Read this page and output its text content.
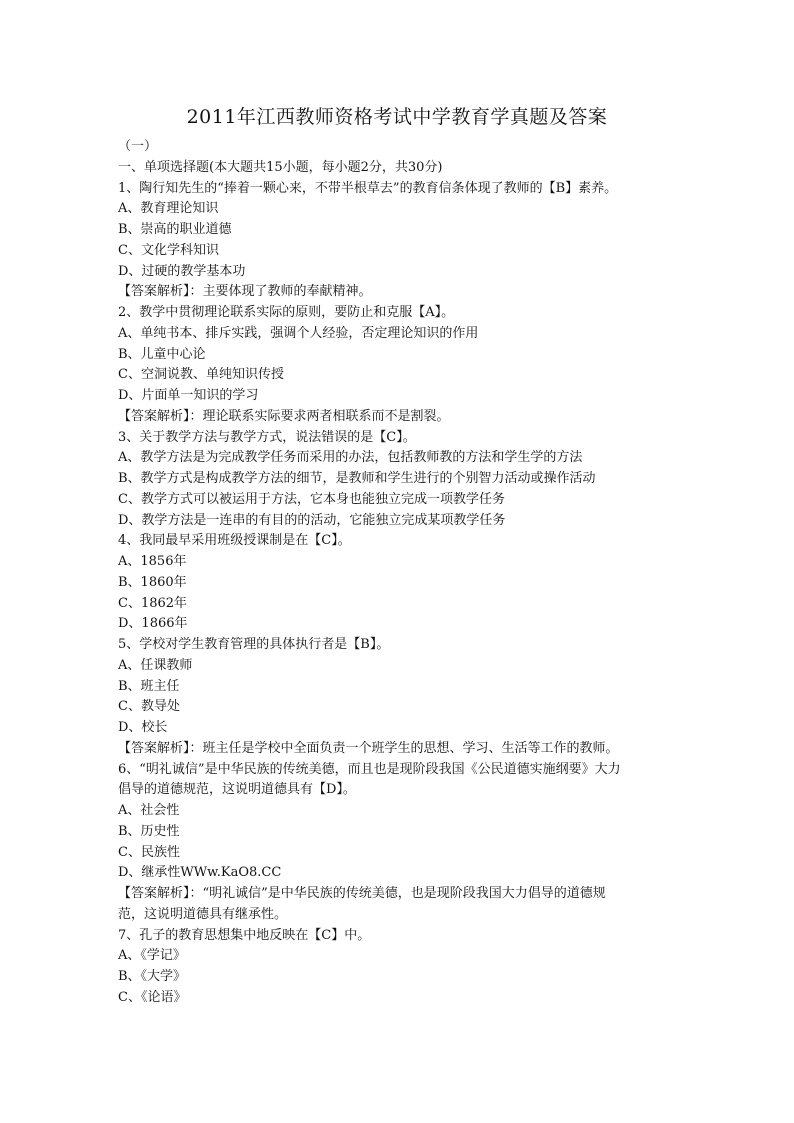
2011年江西教师资格考试中学教育学真题及答案
（一）
一、单项选择题(本大题共15小题，每小题2分，共30分)
1、陶行知先生的“捧着一颗心来，不带半根草去”的教育信条体现了教师的【B】素养。
A、教育理论知识
B、崇高的职业道德
C、文化学科知识
D、过硬的教学基本功
【答案解析】：主要体现了教师的奉献精神。
2、教学中贯彻理论联系实际的原则，要防止和克服【A】。
A、单纯书本、排斥实践，强调个人经验，否定理论知识的作用
B、儿童中心论
C、空洞说教、单纯知识传授
D、片面单一知识的学习
【答案解析】：理论联系实际要求两者相联系而不是割裂。
3、关于教学方法与教学方式，说法错误的是【C】。
A、教学方法是为完成教学任务而采用的办法，包括教师教的方法和学生学的方法
B、教学方式是构成教学方法的细节，是教师和学生进行的个别智力活动或操作活动
C、教学方式可以被运用于方法，它本身也能独立完成一项教学任务
D、教学方法是一连串的有目的的活动，它能独立完成某项教学任务
4、我同最早采用班级授课制是在【C】。
A、1856年
B、1860年
C、1862年
D、1866年
5、学校对学生教育管理的具体执行者是【B】。
A、任课教师
B、班主任
C、教导处
D、校长
【答案解析】：班主任是学校中全面负责一个班学生的思想、学习、生活等工作的教师。
6、“明礼诚信”是中华民族的传统美德，而且也是现阶段我国《公民道德实施纲要》大力
倡导的道德规范，这说明道德具有【D】。
A、社会性
B、历史性
C、民族性
D、继承性WWw.KaO8.CC
【答案解析】：“明礼诚信”是中华民族的传统美德，也是现阶段我国大力倡导的道德规
范，这说明道德具有继承性。
7、孔子的教育思想集中地反映在【C】中。
A、《学记》
B、《大学》
C、《论语》
